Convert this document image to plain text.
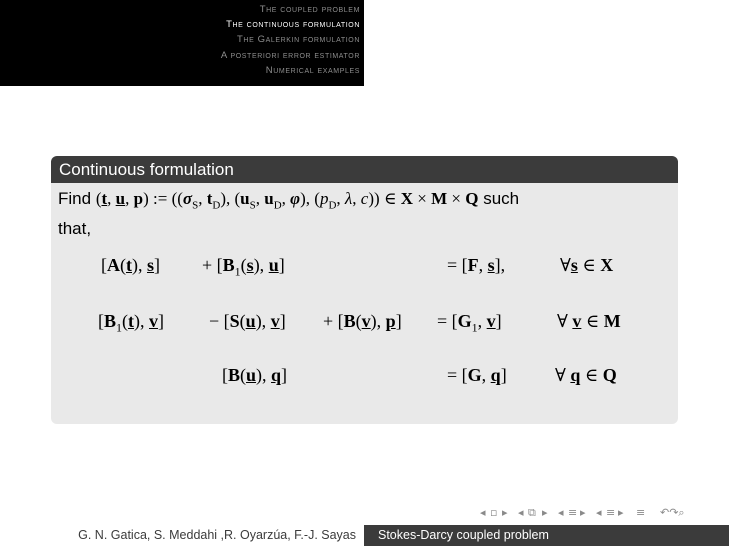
The coupled problem
The continuous formulation
The Galerkin formulation
A posteriori error estimator
Numerical examples
Continuous formulation
Find (t, u, p) := (($\sigma_S$, $t_D$), ($u_S$, $u_D$, φ), ($p_D$, λ, c)) ∈ X × M × Q such
that,
[A(t), $s] + [B_1(s)$, u]	= [F, s],	∀s ∈ X
[$B_1(t)$, v] − [S(u), v] + [B(v), $p] = [G_1$, v]	∀ v ∈ M
[B(u), q]	= [G, q]	∀ q ∈ Q
◂ ▫ ▸ ◂ ⧉ ▸ ◂ ≡ ▸ ◂ ≡ ▸ ≡ ↶↷⌕
G. N. Gatica, S. Meddahi ,R. Oyarzúa, F.-J. Sayas Stokes-Darcy coupled problem
